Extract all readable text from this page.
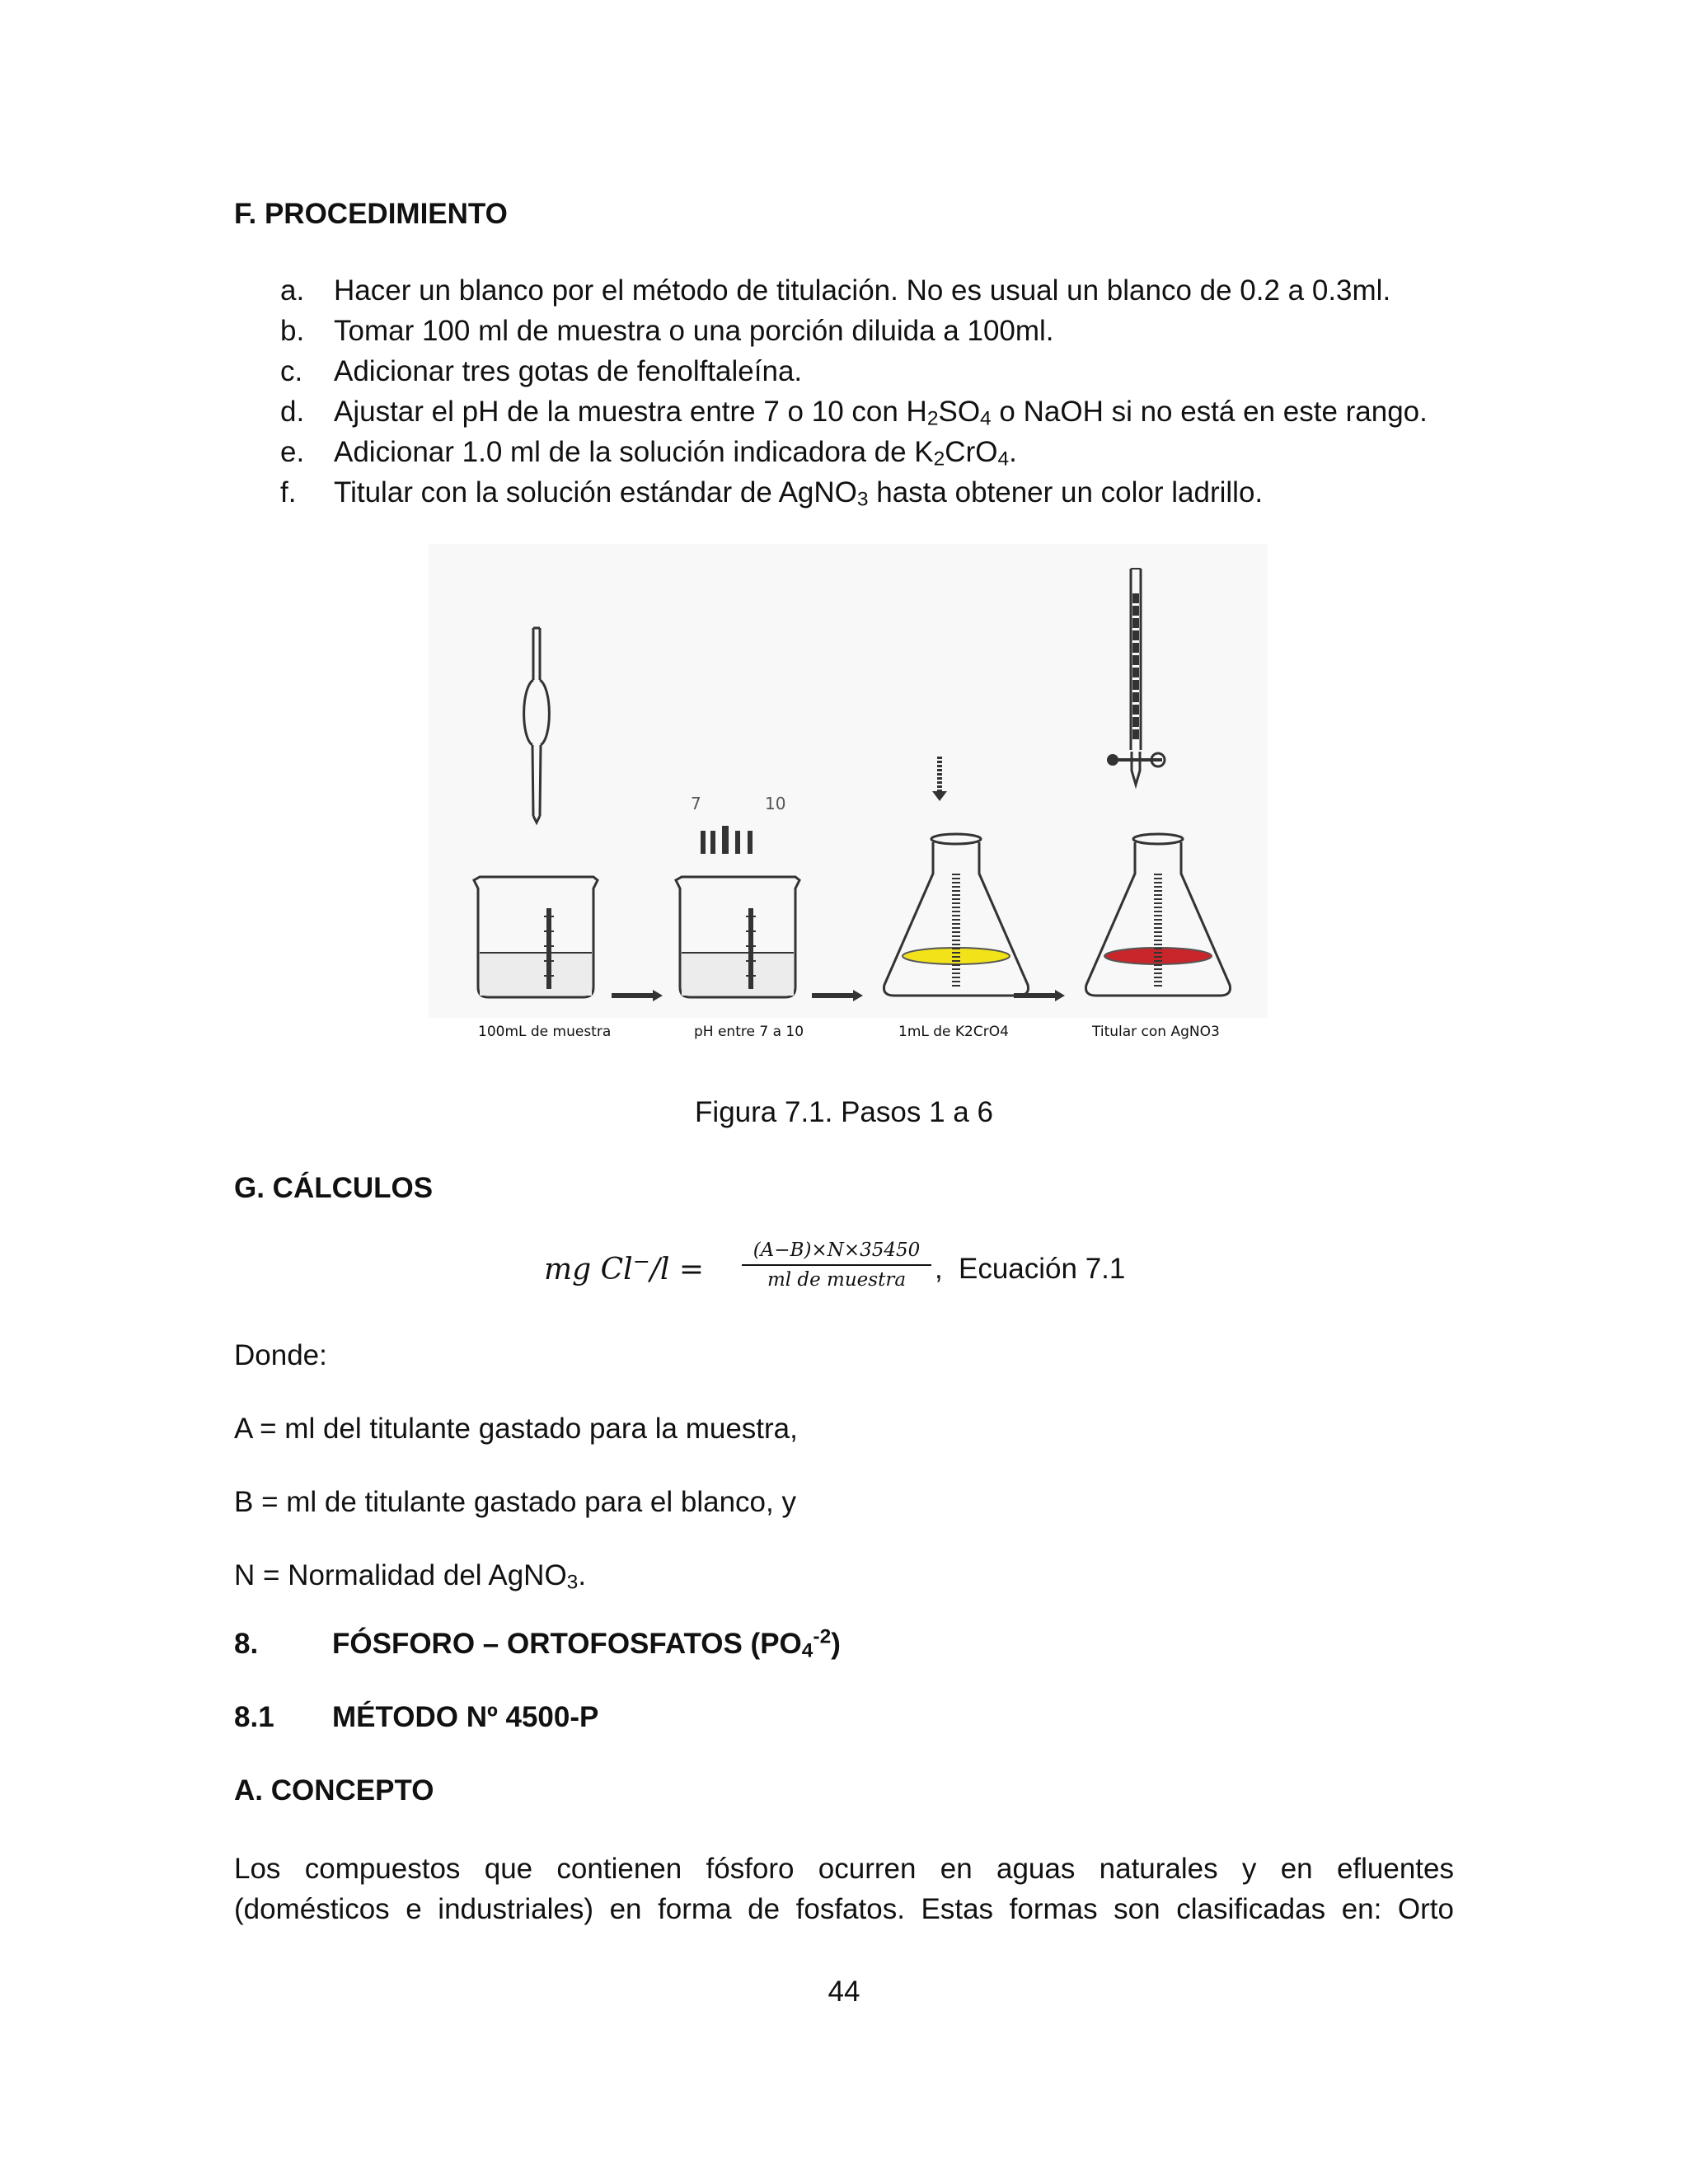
F. PROCEDIMIENTO
a. Hacer un blanco por el método de titulación. No es usual un blanco de 0.2 a 0.3ml.
b. Tomar 100 ml de muestra o una porción diluida a 100ml.
c. Adicionar tres gotas de fenolftaleína.
d. Ajustar el pH de la muestra entre 7 o 10 con $H_2SO_4$ o NaOH si no está en este rango.
e. Adicionar 1.0 ml de la solución indicadora de $K_2CrO_4$.
f. Titular con la solución estándar de AgNO$_3$ hasta obtener un color ladrillo.
7	10
100mL de muestra	pH entre 7 a 10	1mL de K2CrO4	Titular con AgNO3
Figura 7.1. Pasos 1 a 6
G. CÁLCULOS
mg Cl−/l =
(A−B)×N×35450
ml de muestra , Ecuación 7.1
Donde:
A = ml del titulante gastado para la muestra,
B = ml de titulante gastado para el blanco, y
N = Normalidad del AgNO$_3$.
8.	FÓSFORO – ORTOFOSFATOS $(PO_4^{-2})$
8.1 MÉTODO Nº 4500-P
A. CONCEPTO
Los compuestos que contienen fósforo ocurren en aguas naturales y en efluentes
(domésticos e industriales) en forma de fosfatos. Estas formas son clasificadas en: Orto
44
